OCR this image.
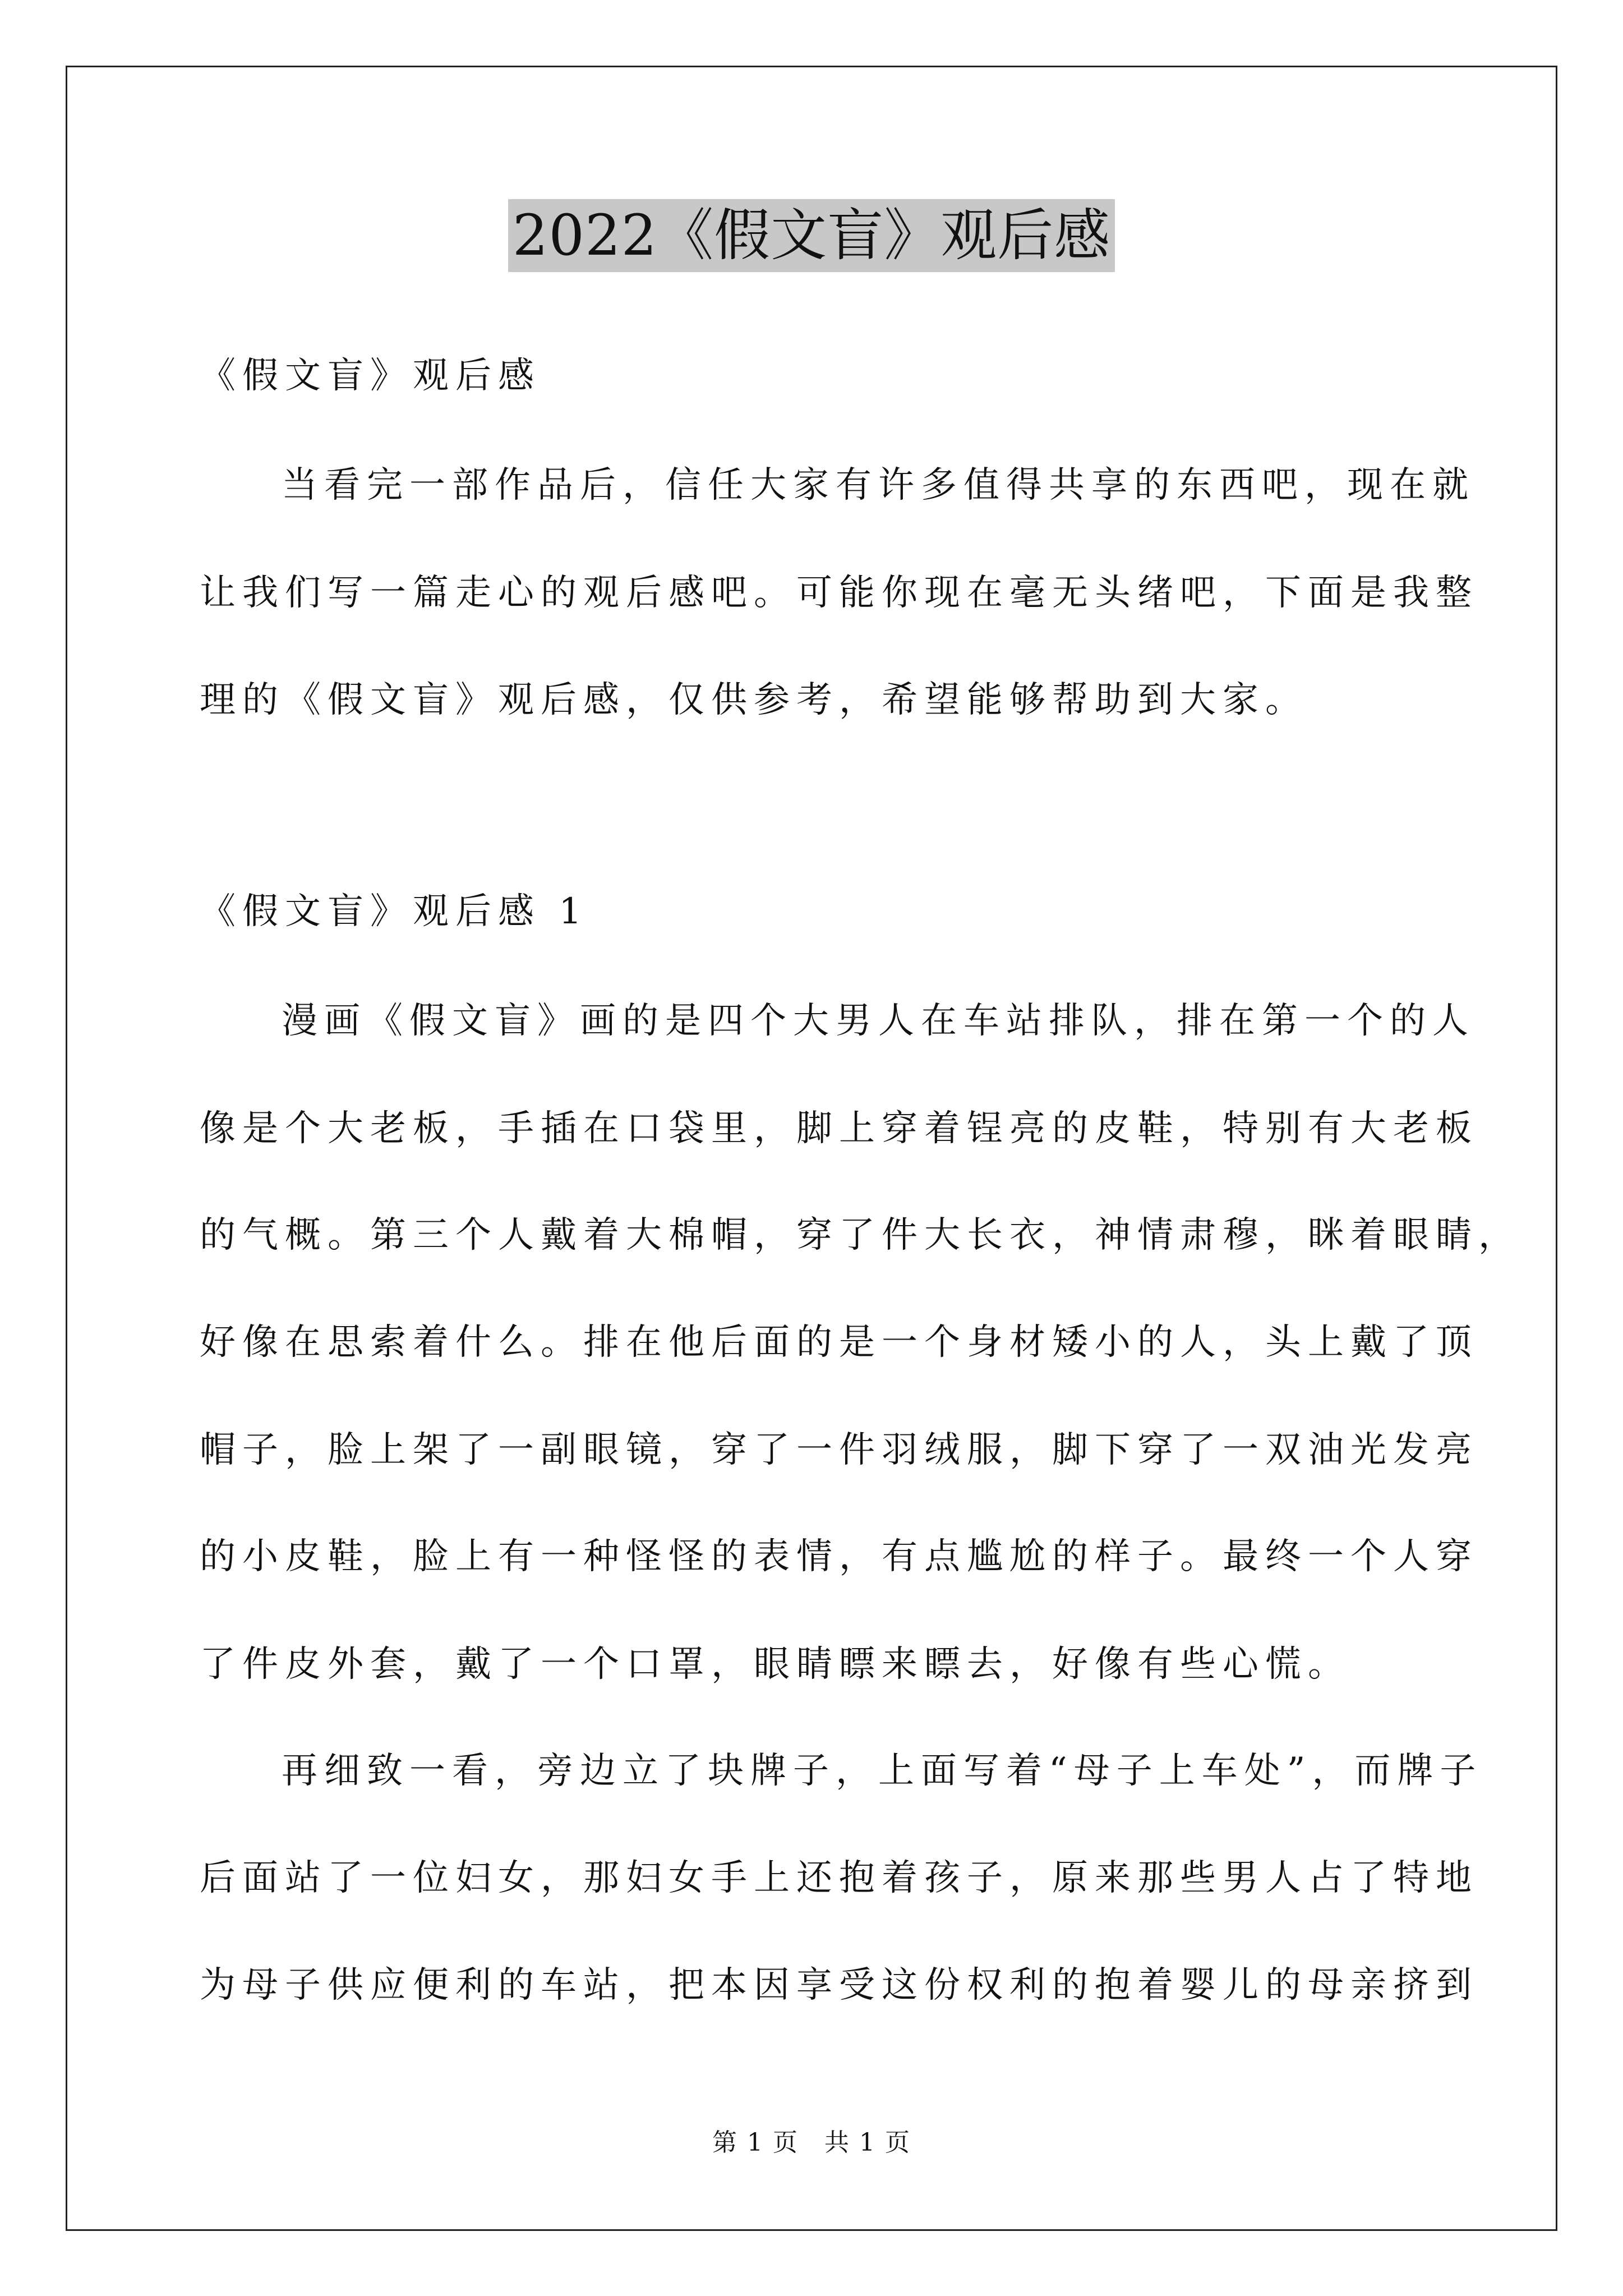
2022《假文盲》观后感
《假文盲》观后感
当看完一部作品后，信任大家有许多值得共享的东西吧，现在就
让我们写一篇走心的观后感吧。可能你现在毫无头绪吧，下面是我整
理的《假文盲》观后感，仅供参考，希望能够帮助到大家。
《假文盲》观后感 1
漫画《假文盲》画的是四个大男人在车站排队，排在第一个的人
像是个大老板，手插在口袋里，脚上穿着锃亮的皮鞋，特别有大老板
的气概。第三个人戴着大棉帽，穿了件大长衣，神情肃穆，眯着眼睛，
好像在思索着什么。排在他后面的是一个身材矮小的人，头上戴了顶
帽子，脸上架了一副眼镜，穿了一件羽绒服，脚下穿了一双油光发亮
的小皮鞋，脸上有一种怪怪的表情，有点尴尬的样子。最终一个人穿
了件皮外套，戴了一个口罩，眼睛瞟来瞟去，好像有些心慌。
再细致一看，旁边立了块牌子，上面写着“母子上车处”，而牌子
后面站了一位妇女，那妇女手上还抱着孩子，原来那些男人占了特地
为母子供应便利的车站，把本因享受这份权利的抱着婴儿的母亲挤到
第 1 页　共 1 页
